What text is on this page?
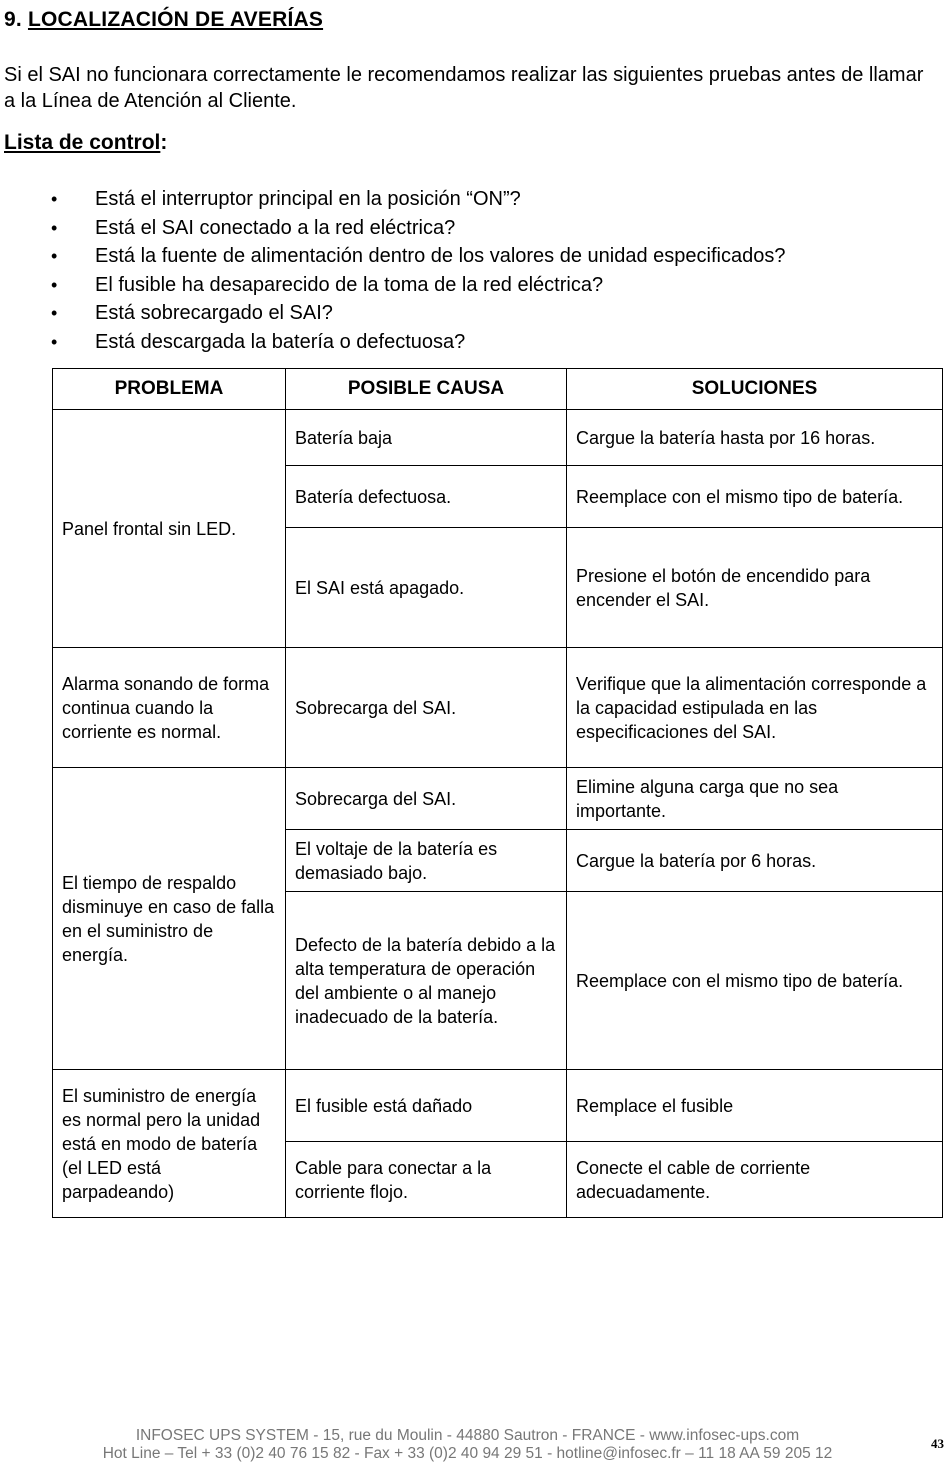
9. LOCALIZACIÓN DE AVERÍAS

Si el SAI no funcionara correctamente le recomendamos realizar las siguientes pruebas antes de llamar a la Línea de Atención al Cliente.

Lista de control:
• Está el interruptor principal en la posición “ON”?
• Está el SAI conectado a la red eléctrica?
• Está la fuente de alimentación dentro de los valores de unidad especificados?
• El fusible ha desaparecido de la toma de la red eléctrica?
• Está sobrecargado el SAI?
• Está descargada la batería o defectuosa?
PROBLEMA	POSIBLE CAUSA	SOLUCIONES
Panel frontal sin LED.	Batería baja	Cargue la batería hasta por 16 horas.
	Batería defectuosa.	Reemplace con el mismo tipo de batería.
	El SAI está apagado.	Presione el botón de encendido para encender el SAI.
Alarma sonando de forma continua cuando la corriente es normal.	Sobrecarga del SAI.	Verifique que la alimentación corresponde a la capacidad estipulada en las especificaciones del SAI.
El tiempo de respaldo disminuye en caso de falla en el suministro de energía.	Sobrecarga del SAI.	Elimine alguna carga que no sea importante.
	El voltaje de la batería es demasiado bajo.	Cargue la batería por 6 horas.
	Defecto de la batería debido a la alta temperatura de operación del ambiente o al manejo inadecuado de la batería.	Reemplace con el mismo tipo de batería.
El suministro de energía es normal pero la unidad está en modo de batería (el LED está parpadeando)	El fusible está dañado	Remplace el fusible
	Cable para conectar a la corriente flojo.	Conecte el cable de corriente adecuadamente.
INFOSEC UPS SYSTEM - 15, rue du Moulin - 44880 Sautron - FRANCE - www.infosec-ups.com
Hot Line – Tel + 33 (0)2 40 76 15 82 - Fax + 33 (0)2 40 94 29 51 - hotline@infosec.fr – 11 18 AA 59 205 12
43
